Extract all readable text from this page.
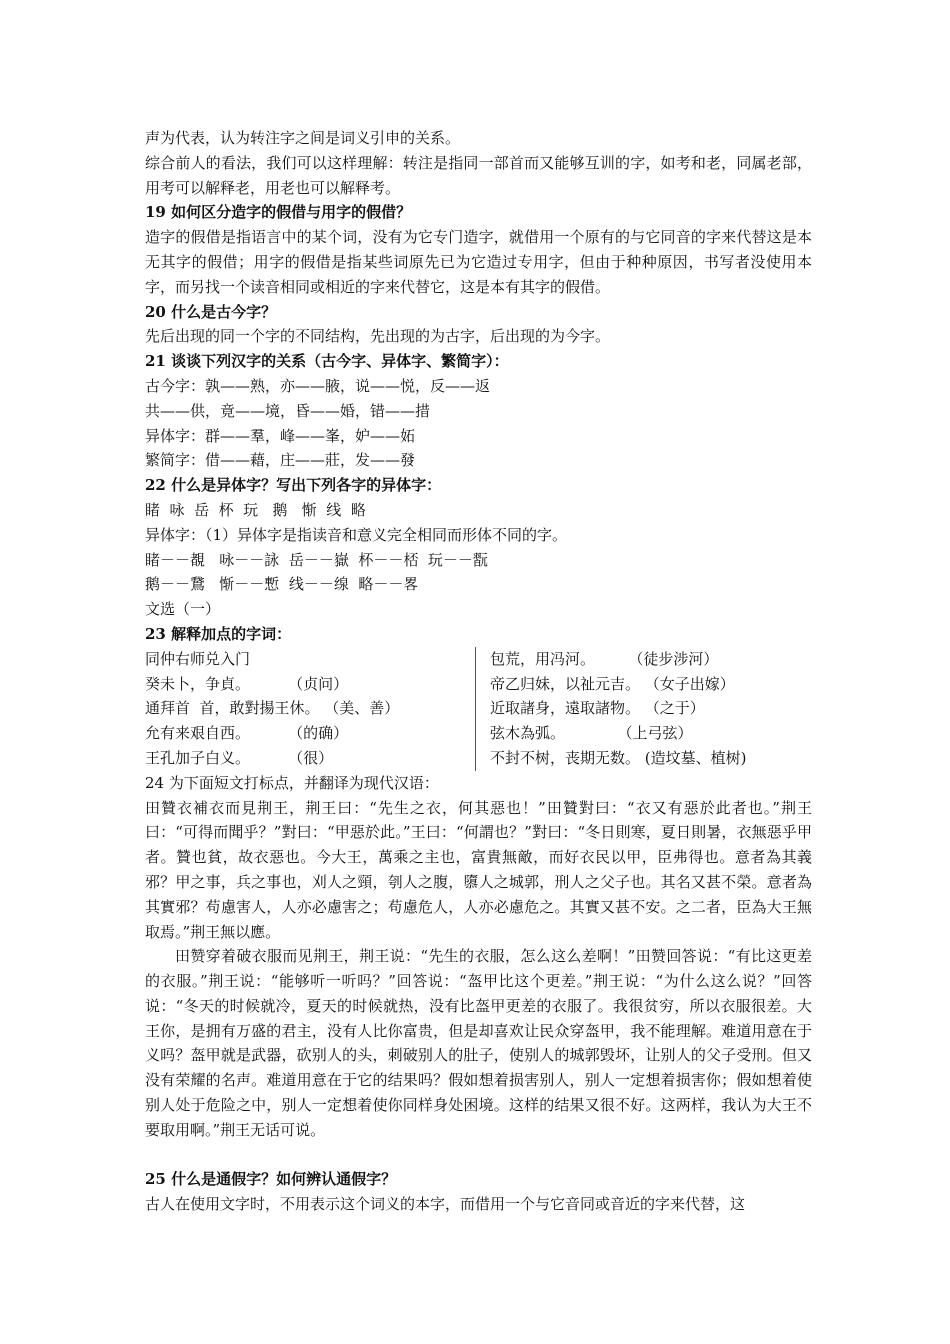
声为代表，认为转注字之间是词义引申的关系。
综合前人的看法，我们可以这样理解：转注是指同一部首而又能够互训的字，如考和老，同属老部，用考可以解释老，用老也可以解释考。
19 如何区分造字的假借与用字的假借？
造字的假借是指语言中的某个词，没有为它专门造字，就借用一个原有的与它同音的字来代替这是本无其字的假借；用字的假借是指某些词原先已为它造过专用字，但由于种种原因，书写者没使用本字，而另找一个读音相同或相近的字来代替它，这是本有其字的假借。
20 什么是古今字？
先后出现的同一个字的不同结构，先出现的为古字，后出现的为今字。
21 谈谈下列汉字的关系（古今字、异体字、繁简字）：
古今字：孰——熟，亦——腋，说——悦，反——返
共——供，竟——境，昏——婚，错——措
异体字：群——羣，峰——峯，妒——妬
繁简字：借——藉，庄——莊，发——發
22 什么是异体字？写出下列各字的异体字：
睹  咏  岳  杯  玩   鹅   惭  线  略
异体字：（1）异体字是指读音和意义完全相同而形体不同的字。
睹－－覩   咏－－詠  岳－－嶽  杯－－桮  玩－－翫
鹅－－鵞   惭－－慙  线－－缐  略－－畧
文选（一）
23 解释加点的字词：
同仲右师兑入门
癸未卜，争貞。        （贞问）
通拜首  首，敢對揚王休。 （美、善）
允有来艰自西。        （的确）
王孔加子白义。        （很）
包荒，用冯河。       （徒步涉河）
帝乙归妹，以祉元吉。 （女子出嫁）
近取諸身，遠取諸物。 （之于）
弦木為弧。           （上弓弦）
不封不树，丧期无数。 (造坟墓、植树)
24 为下面短文打标点，并翻译为现代汉语：
田贊衣補衣而見荆王，荆王曰：“先生之衣，何其惡也！”田贊對曰：“衣又有惡於此者也。”荆王曰：“可得而聞乎？”對曰：“甲惡於此。”王曰：“何謂也？”對曰：“冬日則寒，夏日則暑，衣無惡乎甲者。贊也貧，故衣惡也。今大王，萬乘之主也，富貴無敵，而好衣民以甲，臣弗得也。意者為其義邪？甲之事，兵之事也，刈人之頸，刳人之腹，隳人之城郭，刑人之父子也。其名又甚不榮。意者為其實邪？苟慮害人，人亦必慮害之；苟慮危人，人亦必慮危之。其實又甚不安。之二者，臣為大王無取焉。”荆王無以應。
田赞穿着破衣服而见荆王，荆王说：“先生的衣服，怎么这么差啊！”田赞回答说：“有比这更差的衣服。”荆王说：“能够听一听吗？”回答说：“盔甲比这个更差。”荆王说：“为什么这么说？”回答说：“冬天的时候就冷，夏天的时候就热，没有比盔甲更差的衣服了。我很贫穷，所以衣服很差。大王你，是拥有万盛的君主，没有人比你富贵，但是却喜欢让民众穿盔甲，我不能理解。难道用意在于义吗？盔甲就是武器，砍别人的头，刺破别人的肚子，使别人的城郭毁坏，让别人的父子受刑。但又没有荣耀的名声。难道用意在于它的结果吗？假如想着损害别人，别人一定想着损害你；假如想着使别人处于危险之中，别人一定想着使你同样身处困境。这样的结果又很不好。这两样，我认为大王不要取用啊。”荆王无话可说。
25 什么是通假字？如何辨认通假字？
古人在使用文字时，不用表示这个词义的本字，而借用一个与它音同或音近的字来代替，这
